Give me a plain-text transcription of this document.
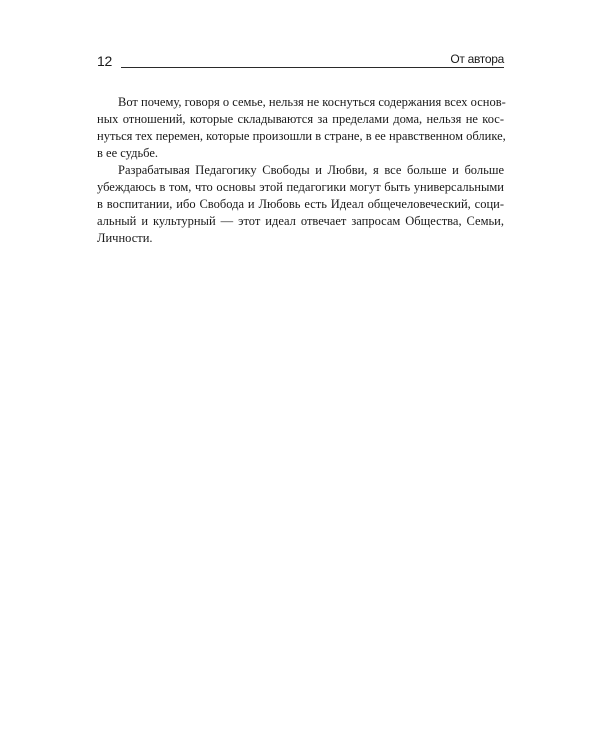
12	От автора
Вот почему, говоря о семье, нельзя не коснуться содержания всех основ-
ных отношений, которые складываются за пределами дома, нельзя не кос-
нуться тех перемен, которые произошли в стране, в ее нравственном облике,
в ее судьбе.
Разрабатывая Педагогику Свободы и Любви, я все больше и больше
убеждаюсь в том, что основы этой педагогики могут быть универсальными
в воспитании, ибо Свобода и Любовь есть Идеал общечеловеческий, соци-
альный и культурный — этот идеал отвечает запросам Общества, Семьи,
Личности.
